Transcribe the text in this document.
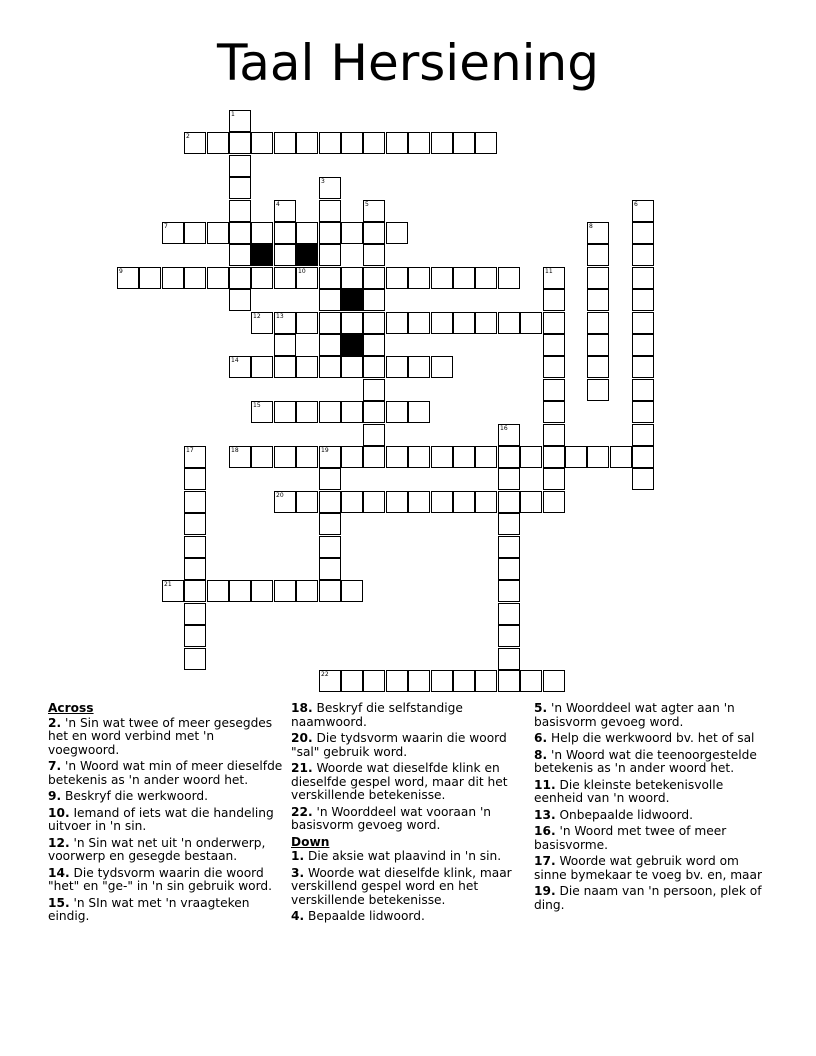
Taal Hersiening
1
2
3
4	5	6
7	8
9	10	11
12	13
14
15
16
17	18	19
20
21
22
Across
2. 'n Sin wat twee of meer gesegdes het en word verbind met 'n voegwoord.
7. 'n Woord wat min of meer dieselfde betekenis as 'n ander woord het.
9. Beskryf die werkwoord.
10. Iemand of iets wat die handeling uitvoer in 'n sin.
12. 'n Sin wat net uit 'n onderwerp, voorwerp en gesegde bestaan.
14. Die tydsvorm waarin die woord "het" en "ge-" in 'n sin gebruik word.
15. 'n SIn wat met 'n vraagteken eindig.
18. Beskryf die selfstandige naamwoord.
20. Die tydsvorm waarin die woord "sal" gebruik word.
21. Woorde wat dieselfde klink en dieselfde gespel word, maar dit het verskillende betekenisse.
22. 'n Woorddeel wat vooraan 'n basisvorm gevoeg word.
Down
1. Die aksie wat plaavind in 'n sin.
3. Woorde wat dieselfde klink, maar verskillend gespel word en het verskillende betekenisse.
4. Bepaalde lidwoord.
5. 'n Woorddeel wat agter aan 'n basisvorm gevoeg word.
6. Help die werkwoord bv. het of sal
8. 'n Woord wat die teenoorgestelde betekenis as 'n ander woord het.
11. Die kleinste betekenisvolle eenheid van 'n woord.
13. Onbepaalde lidwoord.
16. 'n Woord met twee of meer basisvorme.
17. Woorde wat gebruik word om sinne bymekaar te voeg bv. en, maar
19. Die naam van 'n persoon, plek of ding.
